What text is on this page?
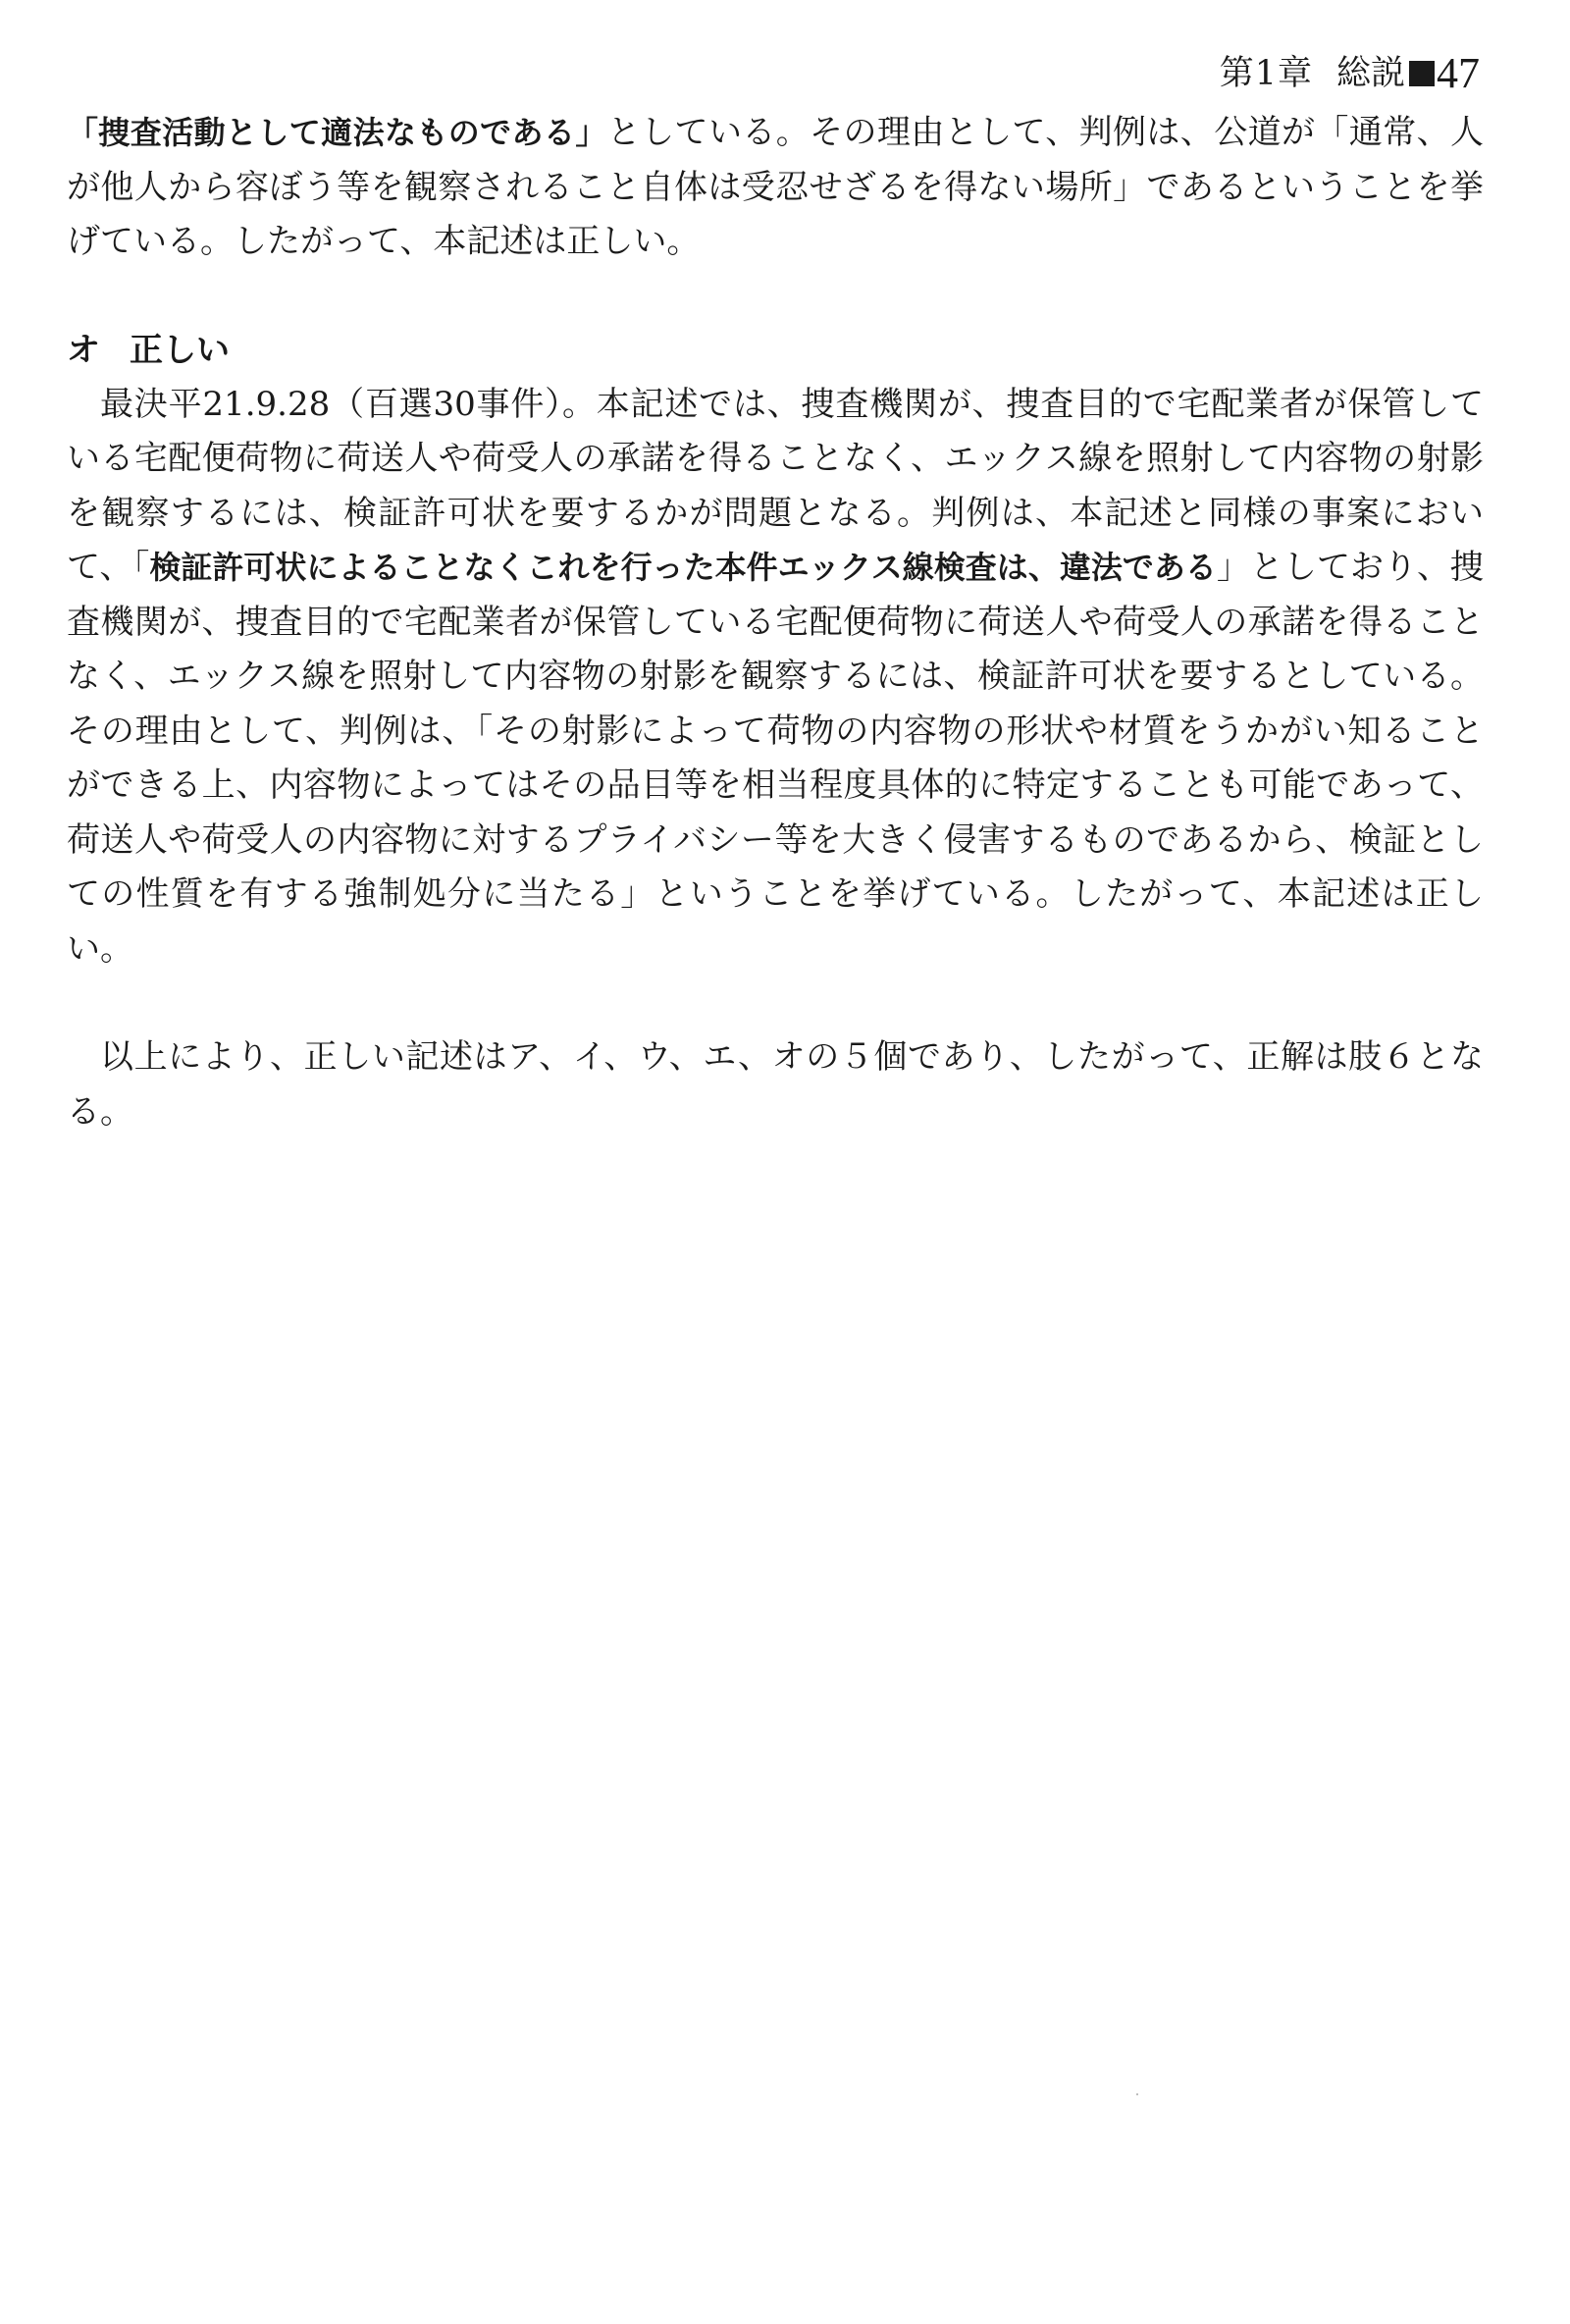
第1章 総説 47

「捜査活動として適法なものである」としている。その理由として、判例は、公道が「通常、人が他人から容ぼう等を観察されること自体は受忍せざるを得ない場所」であるということを挙げている。したがって、本記述は正しい。

オ 正しい

最決平21.9.28（百選30事件）。本記述では、捜査機関が、捜査目的で宅配業者が保管している宅配便荷物に荷送人や荷受人の承諾を得ることなく、エックス線を照射して内容物の射影を観察するには、検証許可状を要するかが問題となる。判例は、本記述と同様の事案において、「検証許可状によることなくこれを行った本件エックス線検査は、違法である」としており、捜査機関が、捜査目的で宅配業者が保管している宅配便荷物に荷送人や荷受人の承諾を得ることなく、エックス線を照射して内容物の射影を観察するには、検証許可状を要するとしている。その理由として、判例は、「その射影によって荷物の内容物の形状や材質をうかがい知ることができる上、内容物によってはその品目等を相当程度具体的に特定することも可能であって、荷送人や荷受人の内容物に対するプライバシー等を大きく侵害するものであるから、検証としての性質を有する強制処分に当たる」ということを挙げている。したがって、本記述は正しい。

以上により、正しい記述はア、イ、ウ、エ、オの５個であり、したがって、正解は肢６となる。
